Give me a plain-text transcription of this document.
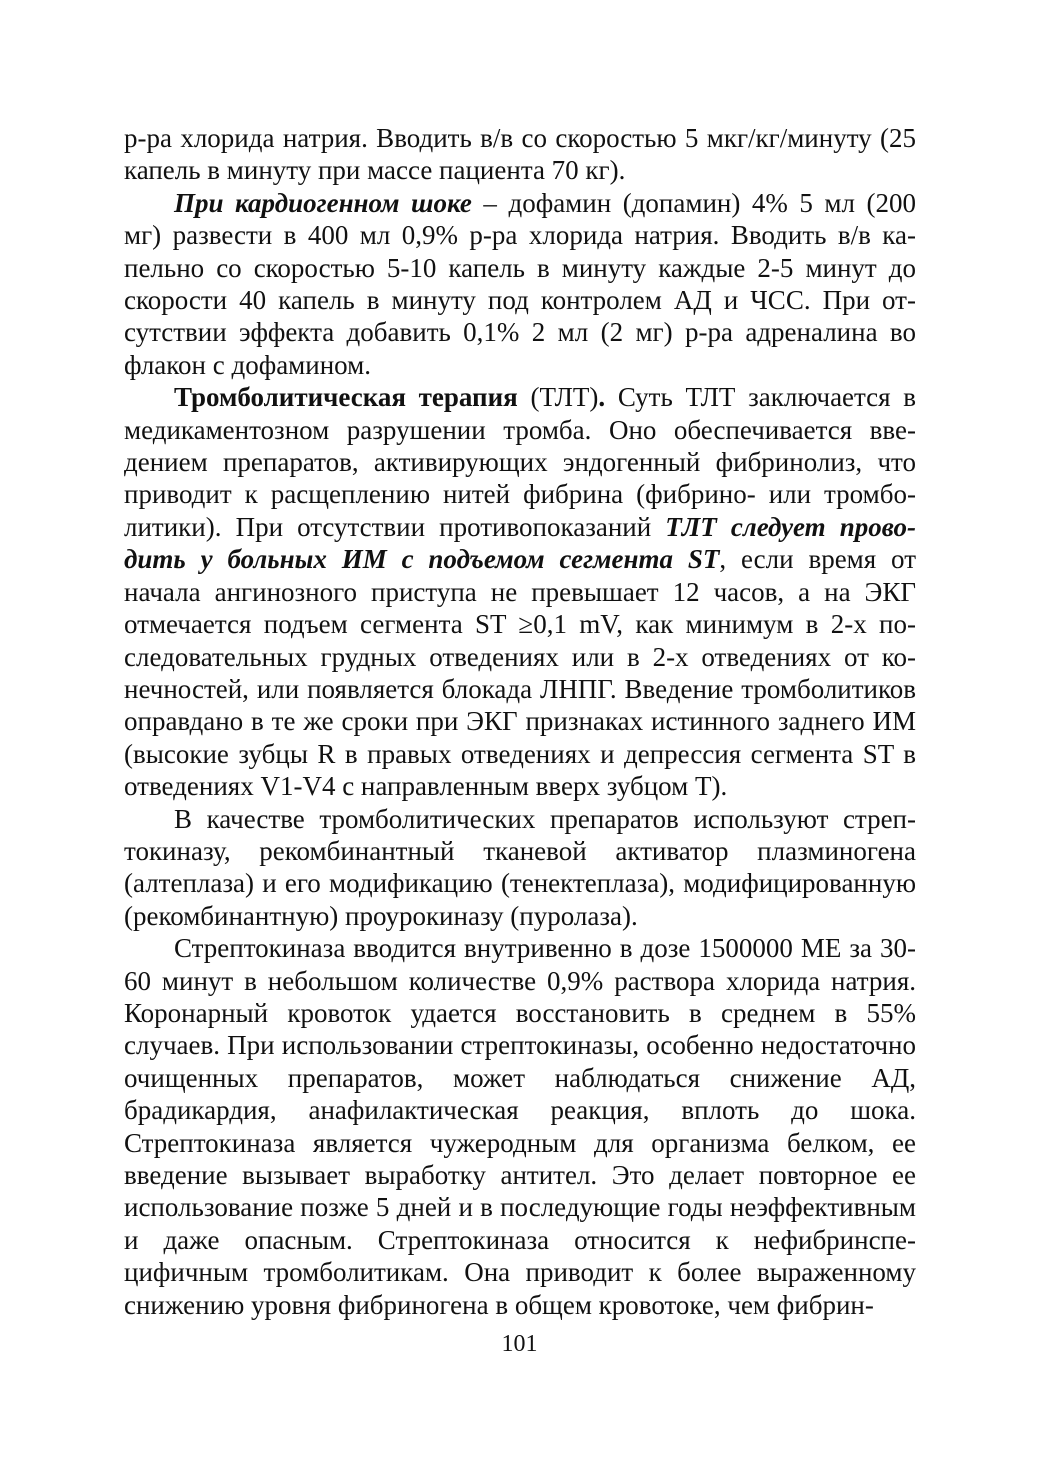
р-ра хлорида натрия. Вводить в/в со скоростью 5 мкг/кг/минуту (25 капель в минуту при массе пациента 70 кг).

При кардиогенном шоке – дофамин (допамин) 4% 5 мл (200 мг) развести в 400 мл 0,9% р-ра хлорида натрия. Вводить в/в капельно со скоростью 5-10 капель в минуту каждые 2-5 минут до скорости 40 капель в минуту под контролем АД и ЧСС. При отсутствии эффекта добавить 0,1% 2 мл (2 мг) р-ра адреналина во флакон с дофамином.

Тромболитическая терапия (ТЛТ). Суть ТЛТ заключается в медикаментозном разрушении тромба. Оно обеспечивается введением препаратов, активирующих эндогенный фибринолиз, что приводит к расщеплению нитей фибрина (фибрино- или тромболитики). При отсутствии противопоказаний ТЛТ следует проводить у больных ИМ с подъемом сегмента ST, если время от начала ангинозного приступа не превышает 12 часов, а на ЭКГ отмечается подъем сегмента ST ≥0,1 mV, как минимум в 2-х последовательных грудных отведениях или в 2-х отведениях от конечностей, или появляется блокада ЛНПГ. Введение тромболитиков оправдано в те же сроки при ЭКГ признаках истинного заднего ИМ (высокие зубцы R в правых отведениях и депрессия сегмента ST в отведениях V1-V4 с направленным вверх зубцом Т).

В качестве тромболитических препаратов используют стрептокиназу, рекомбинантный тканевой активатор плазминогена (алтеплаза) и его модификацию (тенектеплаза), модифицированную (рекомбинантную) проурокиназу (пуролаза).

Стрептокиназа вводится внутривенно в дозе 1500000 МЕ за 30-60 минут в небольшом количестве 0,9% раствора хлорида натрия. Коронарный кровоток удается восстановить в среднем в 55% случаев. При использовании стрептокиназы, особенно недостаточно очищенных препаратов, может наблюдаться снижение АД, брадикардия, анафилактическая реакция, вплоть до шока. Стрептокиназа является чужеродным для организма белком, ее введение вызывает выработку антител. Это делает повторное ее использование позже 5 дней и в последующие годы неэффективным и даже опасным. Стрептокиназа относится к нефибринспецифичным тромболитикам. Она приводит к более выраженному снижению уровня фибриногена в общем кровотоке, чем фибрин-

101
